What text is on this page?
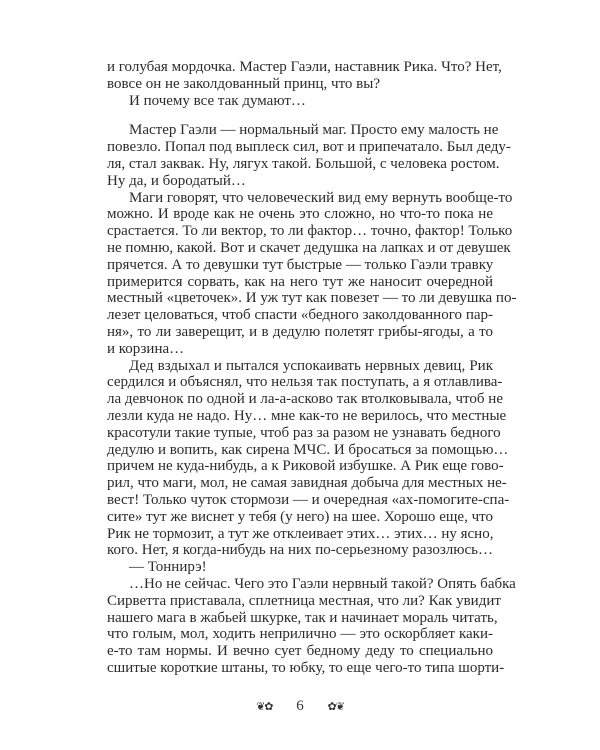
и голубая мордочка. Мастер Гаэли, наставник Рика. Что? Нет,
вовсе он не заколдованный принц, что вы?
И почему все так думают…
Мастер Гаэли — нормальный маг. Просто ему малость не
повезло. Попал под выплеск сил, вот и припечатало. Был деду-
ля, стал заквак. Ну, лягух такой. Большой, с человека ростом.
Ну да, и бородатый…
Маги говорят, что человеческий вид ему вернуть вообще-то
можно. И вроде как не очень это сложно, но что-то пока не
срастается. То ли вектор, то ли фактор… точно, фактор! Только
не помню, какой. Вот и скачет дедушка на лапках и от девушек
прячется. А то девушки тут быстрые — только Гаэли травку
примерится сорвать, как на него тут же наносит очередной
местный «цветочек». И уж тут как повезет — то ли девушка по-
лезет целоваться, чтоб спасти «бедного заколдованного пар-
ня», то ли заверещит, и в дедулю полетят грибы-ягоды, а то
и корзина…
Дед вздыхал и пытался успокаивать нервных девиц, Рик
сердился и объяснял, что нельзя так поступать, а я отлавлива-
ла девчонок по одной и ла-а-асково так втолковывала, чтоб не
лезли куда не надо. Ну… мне как-то не верилось, что местные
красотули такие тупые, чтоб раз за разом не узнавать бедного
дедулю и вопить, как сирена МЧС. И бросаться за помощью…
причем не куда-нибудь, а к Риковой избушке. А Рик еще гово-
рил, что маги, мол, не самая завидная добыча для местных не-
вест! Только чуток стормози — и очередная «ах-помогите-спа-
сите» тут же виснет у тебя (у него) на шее. Хорошо еще, что
Рик не тормозит, а тут же отклеивает этих… этих… ну ясно,
кого. Нет, я когда-нибудь на них по-серьезному разозлюсь…
— Тоннирэ!
…Но не сейчас. Чего это Гаэли нервный такой? Опять бабка
Сирветта приставала, сплетница местная, что ли? Как увидит
нашего мага в жабьей шкурке, так и начинает мораль читать,
что голым, мол, ходить неприлично — это оскорбляет каки-
е-то там нормы. И вечно сует бедному деду то специально
сшитые короткие штаны, то юбку, то еще чего-то типа шорти-
❦✿ 6 ✿❦
